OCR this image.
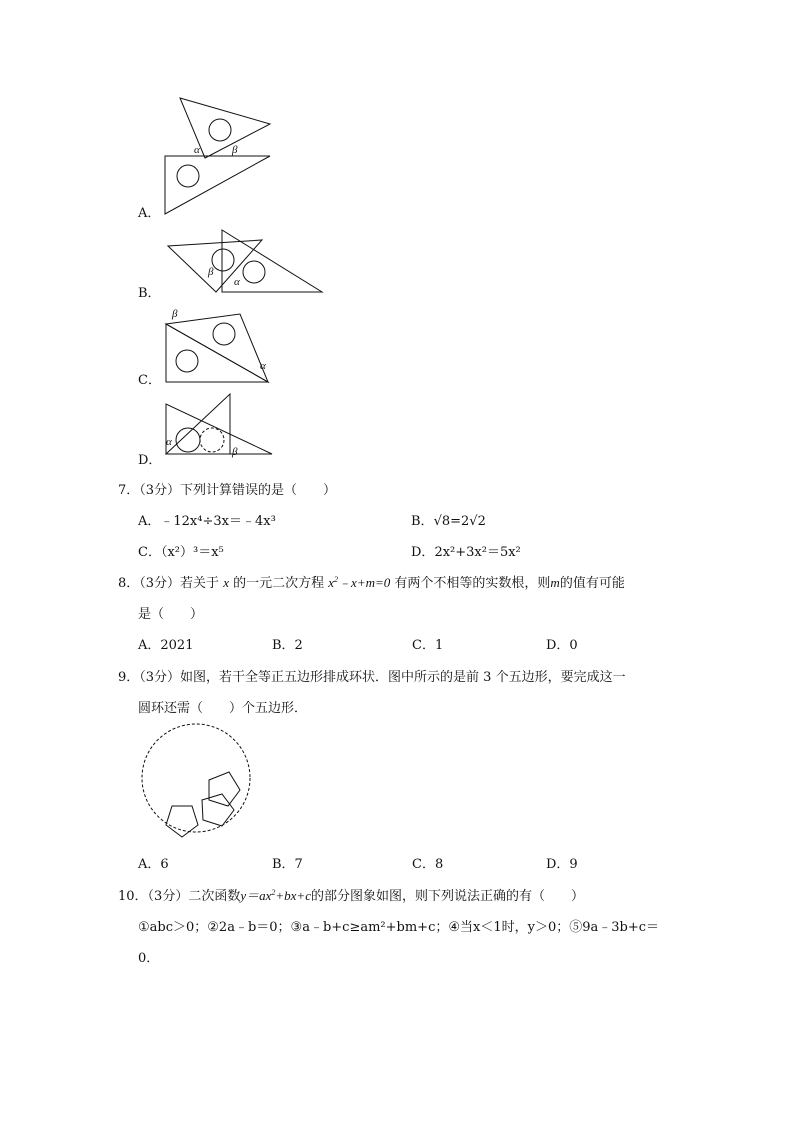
α	β
A．
β
α
B．
β
α
C．
α
β
D．
7．（3分）下列计算错误的是（　　）
A．﹣12x⁴÷3x＝﹣4x³	B．√8=2√2
C．（x²）³＝x⁵	D．2x²+3x²＝5x²
8．（3分）若关于 x 的一元二次方程 $x^2﹣x+m=0$ 有两个不相等的实数根，则m的值有可能
是（　　）
A．2021	B．2	C．1	D．0
9．（3分）如图，若干全等正五边形排成环状．图中所示的是前 3 个五边形，要完成这一
圆环还需（　　）个五边形．
A．6	B．7	C．8	D．9
10．（3分）二次函数$y=ax^2+bx+c$的部分图象如图，则下列说法正确的有（　　）
①abc＞0；②2a﹣b＝0；③a﹣b+c≥am²+bm+c；④当x＜1时，y＞0；⑤9a﹣3b+c＝
0．
